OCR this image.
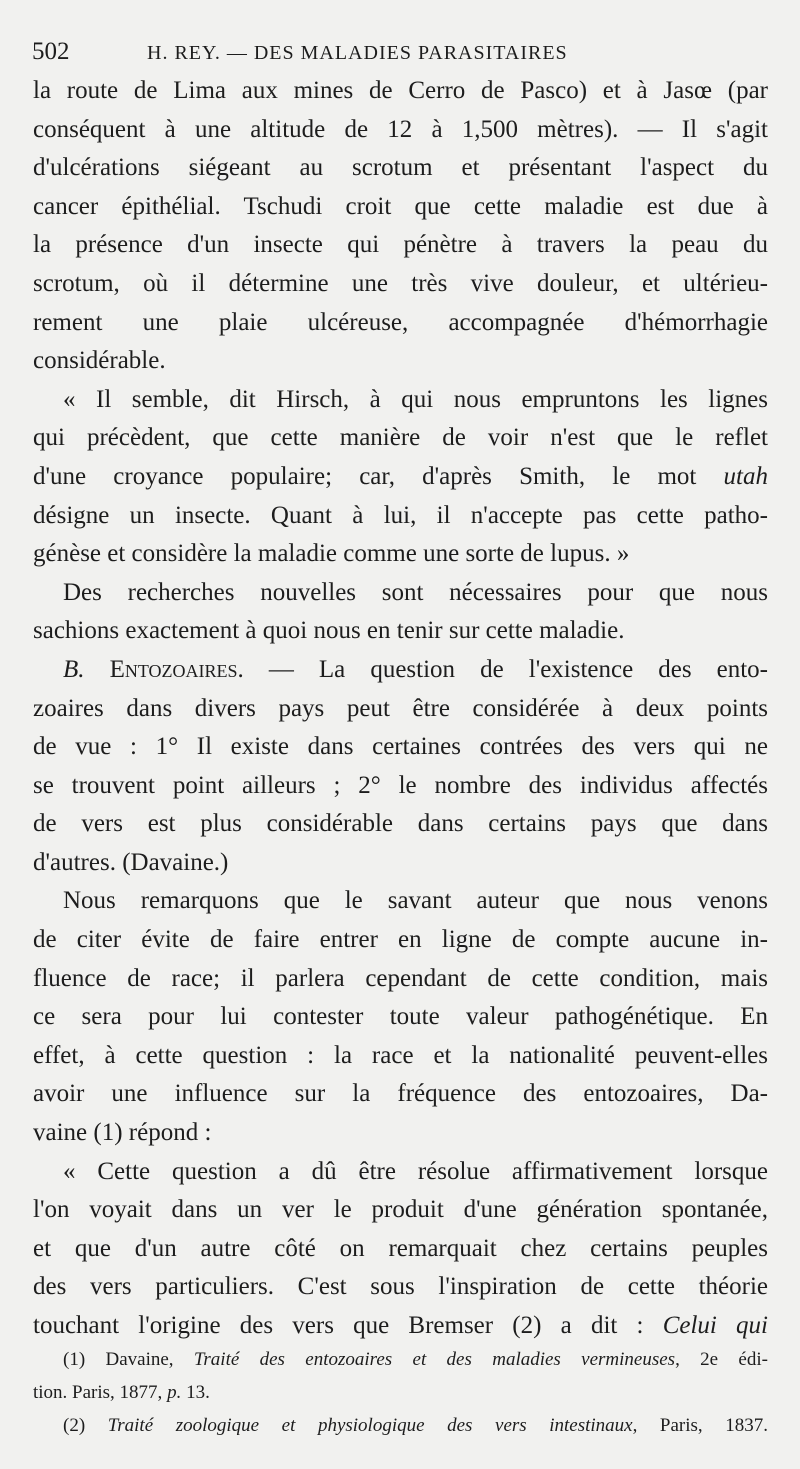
502	H. REY. — DES MALADIES PARASITAIRES
la route de Lima aux mines de Cerro de Pasco) et à Jasœ (par
conséquent à une altitude de 12 à 1,500 mètres). — Il s'agit
d'ulcérations siégeant au scrotum et présentant l'aspect du
cancer épithélial. Tschudi croit que cette maladie est due à
la présence d'un insecte qui pénètre à travers la peau du
scrotum, où il détermine une très vive douleur, et ultérieu-
rement une plaie ulcéreuse, accompagnée d'hémorrhagie
considérable.
« Il semble, dit Hirsch, à qui nous empruntons les lignes
qui précèdent, que cette manière de voir n'est que le reflet
d'une croyance populaire; car, d'après Smith, le mot utah
désigne un insecte. Quant à lui, il n'accepte pas cette patho-
génèse et considère la maladie comme une sorte de lupus. »
Des recherches nouvelles sont nécessaires pour que nous
sachions exactement à quoi nous en tenir sur cette maladie.
B. Entozoaires. — La question de l'existence des ento-
zoaires dans divers pays peut être considérée à deux points
de vue : 1° Il existe dans certaines contrées des vers qui ne
se trouvent point ailleurs ; 2° le nombre des individus affectés
de vers est plus considérable dans certains pays que dans
d'autres. (Davaine.)
Nous remarquons que le savant auteur que nous venons
de citer évite de faire entrer en ligne de compte aucune in-
fluence de race; il parlera cependant de cette condition, mais
ce sera pour lui contester toute valeur pathogénétique. En
effet, à cette question : la race et la nationalité peuvent-elles
avoir une influence sur la fréquence des entozoaires, Da-
vaine (1) répond :
« Cette question a dû être résolue affirmativement lorsque
l'on voyait dans un ver le produit d'une génération spontanée,
et que d'un autre côté on remarquait chez certains peuples
des vers particuliers. C'est sous l'inspiration de cette théorie
touchant l'origine des vers que Bremser (2) a dit : Celui qui
(1) Davaine, Traité des entozoaires et des maladies vermineuses, 2e édi-
tion. Paris, 1877, p. 13.
(2) Traité zoologique et physiologique des vers intestinaux, Paris, 1837.
